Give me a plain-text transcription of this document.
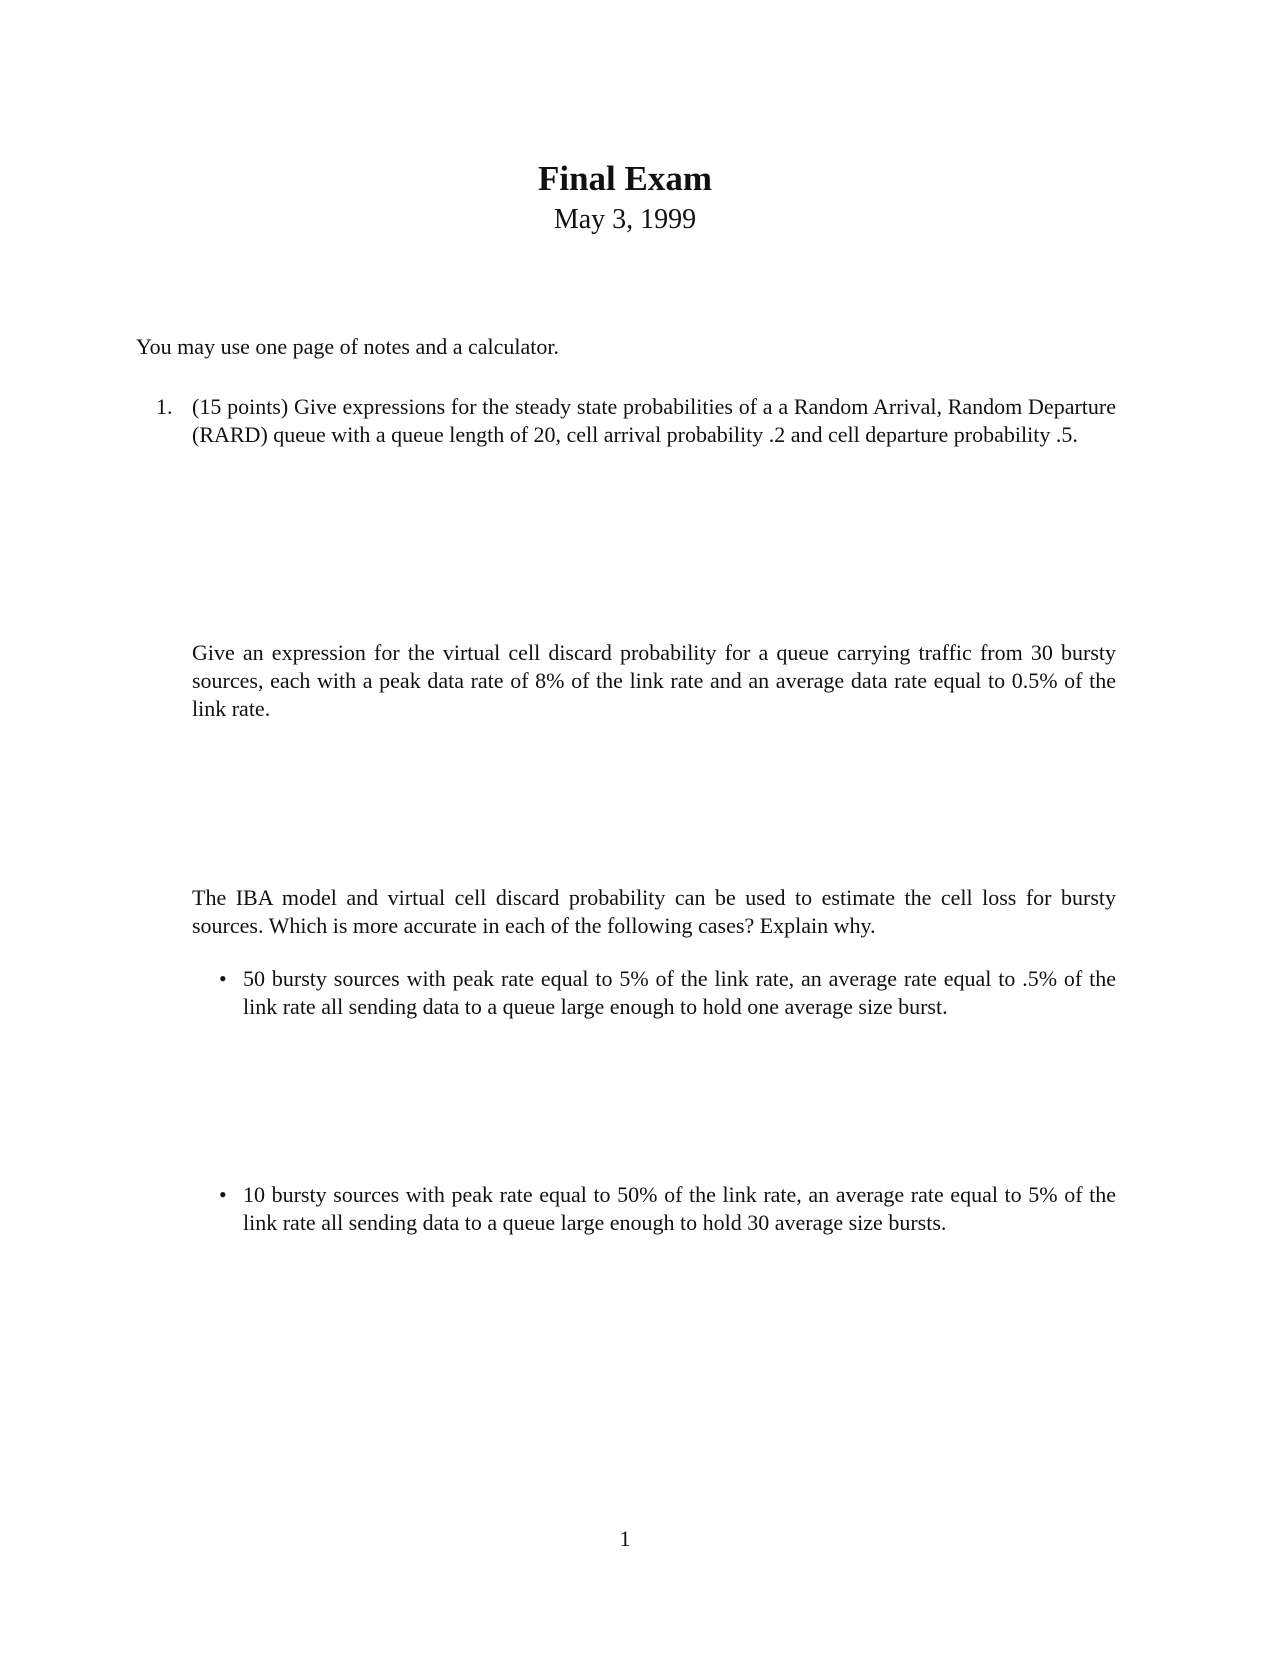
Final Exam
May 3, 1999
You may use one page of notes and a calculator.
1. (15 points) Give expressions for the steady state probabilities of a a Random Arrival, Random Departure (RARD) queue with a queue length of 20, cell arrival probability .2 and cell departure probability .5.
Give an expression for the virtual cell discard probability for a queue carrying traffic from 30 bursty sources, each with a peak data rate of 8% of the link rate and an average data rate equal to 0.5% of the link rate.
The IBA model and virtual cell discard probability can be used to estimate the cell loss for bursty sources. Which is more accurate in each of the following cases? Explain why.
• 50 bursty sources with peak rate equal to 5% of the link rate, an average rate equal to .5% of the link rate all sending data to a queue large enough to hold one average size burst.
• 10 bursty sources with peak rate equal to 50% of the link rate, an average rate equal to 5% of the link rate all sending data to a queue large enough to hold 30 average size bursts.
1
